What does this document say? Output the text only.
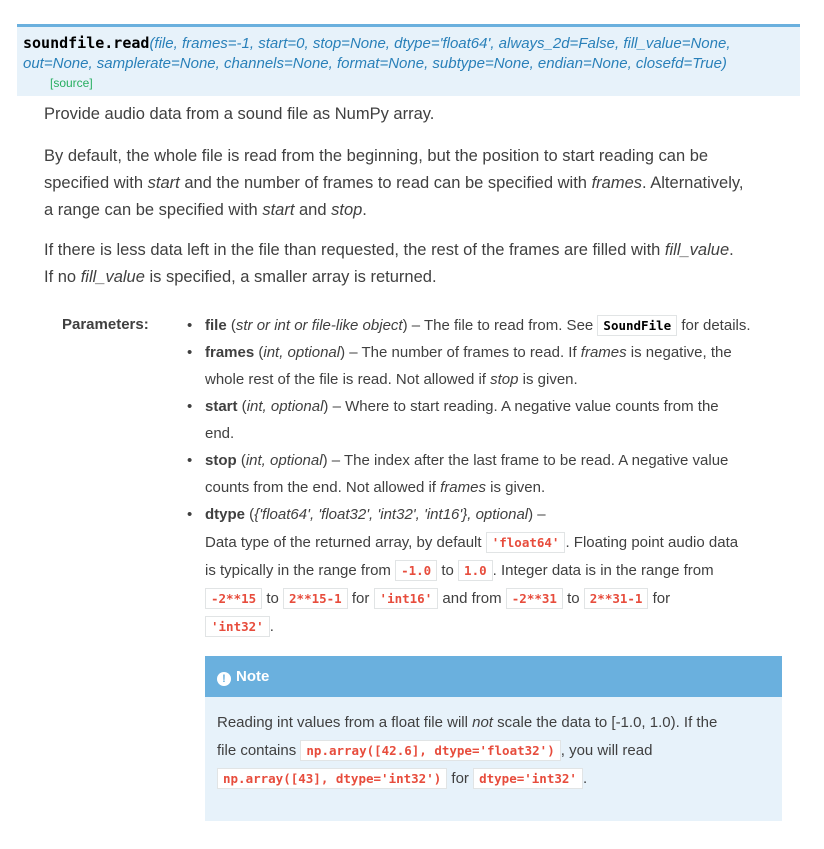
soundfile.read(file, frames=-1, start=0, stop=None, dtype='float64', always_2d=False, fill_value=None,
out=None, samplerate=None, channels=None, format=None, subtype=None, endian=None, closefd=True)
[source]
Provide audio data from a sound file as NumPy array.
By default, the whole file is read from the beginning, but the position to start reading can be
specified with start and the number of frames to read can be specified with frames. Alternatively,
a range can be specified with start and stop.
If there is less data left in the file than requested, the rest of the frames are filled with fill_value.
If no fill_value is specified, a smaller array is returned.
Parameters:
•	file (str or int or file-like object) – The file to read from. See SoundFile for details.
• frames (int, optional) – The number of frames to read. If frames is negative, the
whole rest of the file is read. Not allowed if stop is given.
• start (int, optional) – Where to start reading. A negative value counts from the
end.
• stop (int, optional) – The index after the last frame to be read. A negative value
counts from the end. Not allowed if frames is given.
• dtype ({'float64', 'float32', 'int32', 'int16'}, optional) –
Data type of the returned array, by default 'float64' . Floating point audio data
is typically in the range from -1.0 to 1.0 . Integer data is in the range from
-2**15 to 2**15-1 for 'int16' and from -2**31 to 2**31-1 for
'int32' .
! Note
Reading int values from a float file will not scale the data to [-1.0, 1.0). If the
file contains np.array([42.6], dtype='float32') , you will read
np.array([43], dtype='int32') for dtype='int32' .
